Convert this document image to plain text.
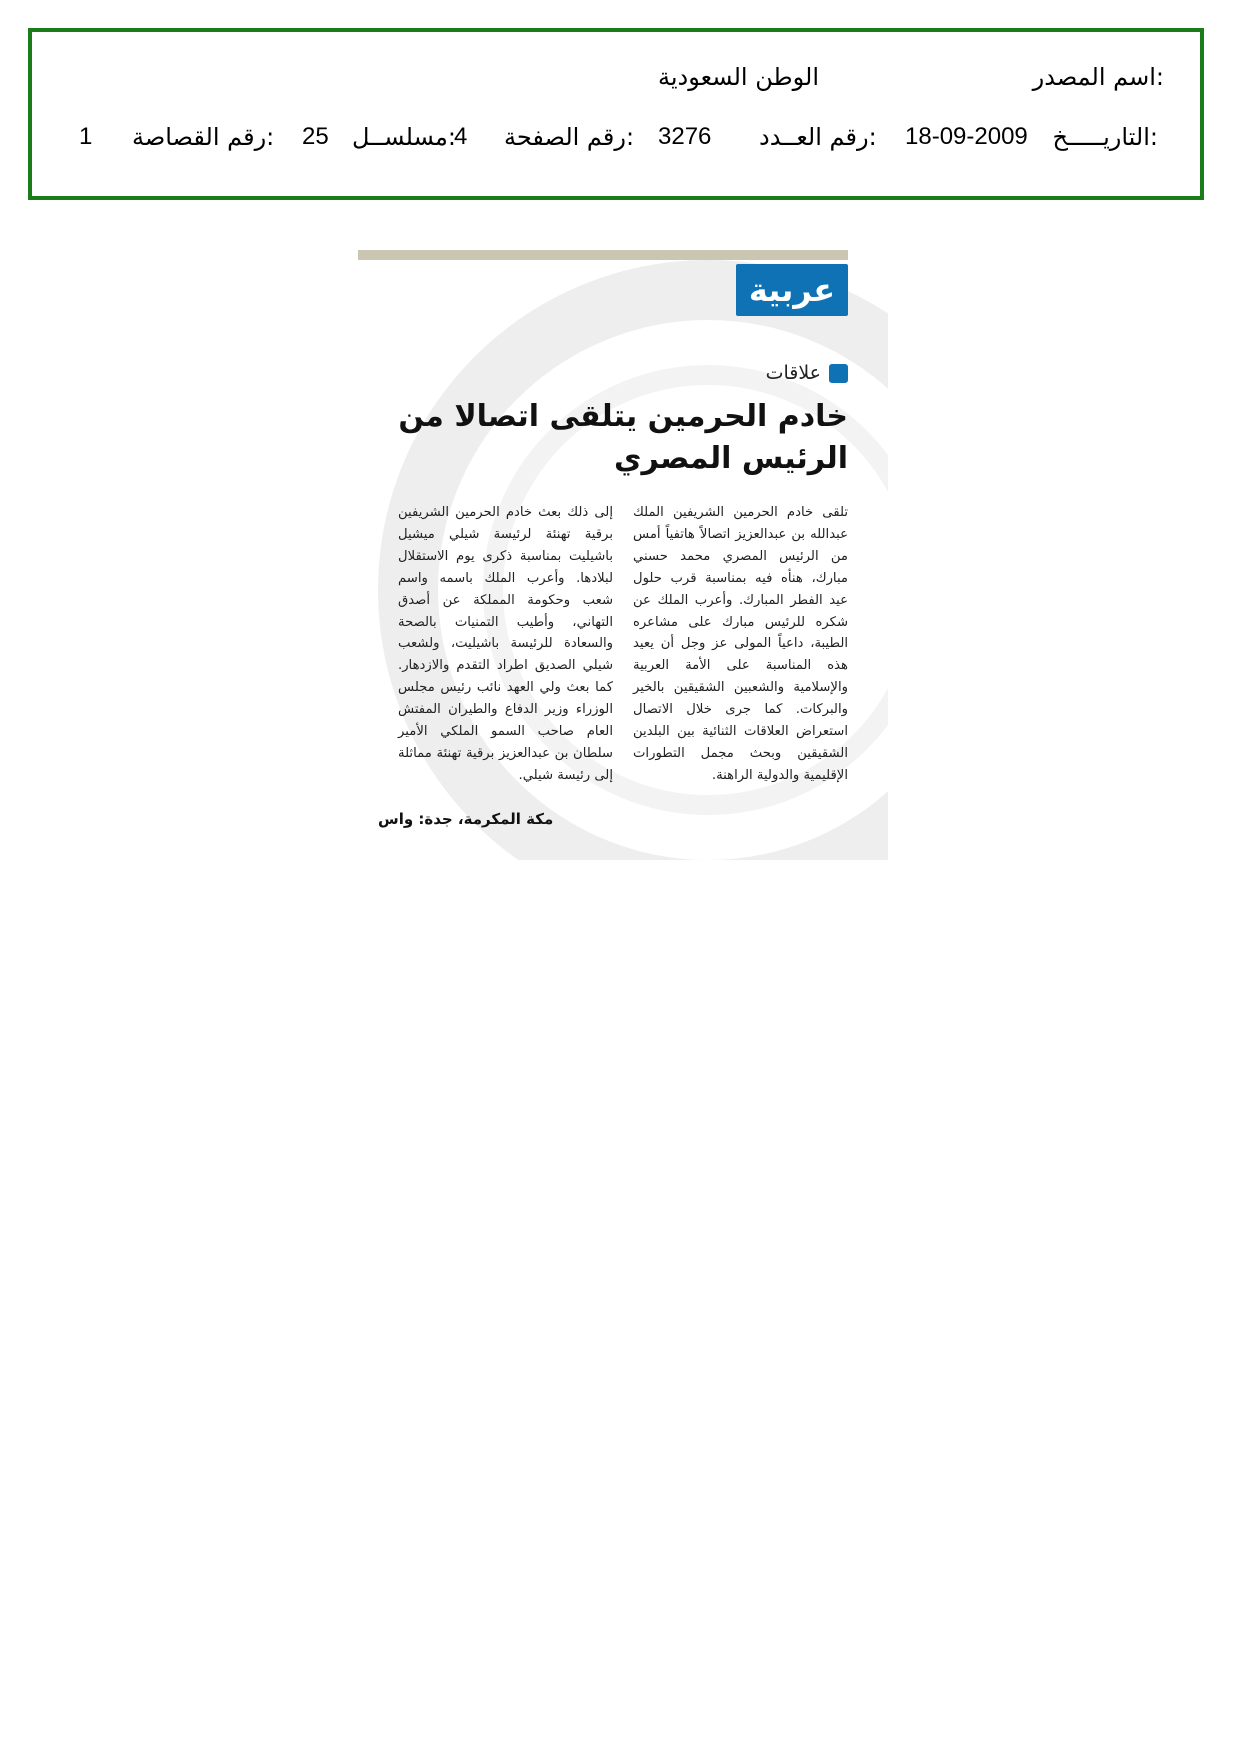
اسم المصدر:
الوطن السعودية
التاريـــــخ:
18-09-2009
رقم العــدد:
3276
رقم الصفحة:
4
مسلســل:
25
رقم القصاصة:
1
عربية
علاقات
خادم الحرمين يتلقى اتصالا من الرئيس المصري
تلقى خادم الحرمين الشريفين الملك عبدالله بن عبدالعزيز اتصالاً هاتفياً أمس من الرئيس المصري محمد حسني مبارك، هنأه فيه بمناسبة قرب حلول عيد الفطر المبارك. وأعرب الملك عن شكره للرئيس مبارك على مشاعره الطيبة، داعياً المولى عز وجل أن يعيد هذه المناسبة على الأمة العربية والإسلامية والشعبين الشقيقين بالخير والبركات. كما جرى خلال الاتصال استعراض العلاقات الثنائية بين البلدين الشقيقين وبحث مجمل التطورات الإقليمية والدولية الراهنة.
إلى ذلك بعث خادم الحرمين الشريفين برقية تهنئة لرئيسة شيلي ميشيل باشيليت بمناسبة ذكرى يوم الاستقلال لبلادها. وأعرب الملك باسمه واسم شعب وحكومة المملكة عن أصدق التهاني، وأطيب التمنيات بالصحة والسعادة للرئيسة باشيليت، ولشعب شيلي الصديق اطراد التقدم والازدهار. كما بعث ولي العهد نائب رئيس مجلس الوزراء وزير الدفاع والطيران المفتش العام صاحب السمو الملكي الأمير سلطان بن عبدالعزيز برقية تهنئة مماثلة إلى رئيسة شيلي.
مكة المكرمة، جدة: واس
